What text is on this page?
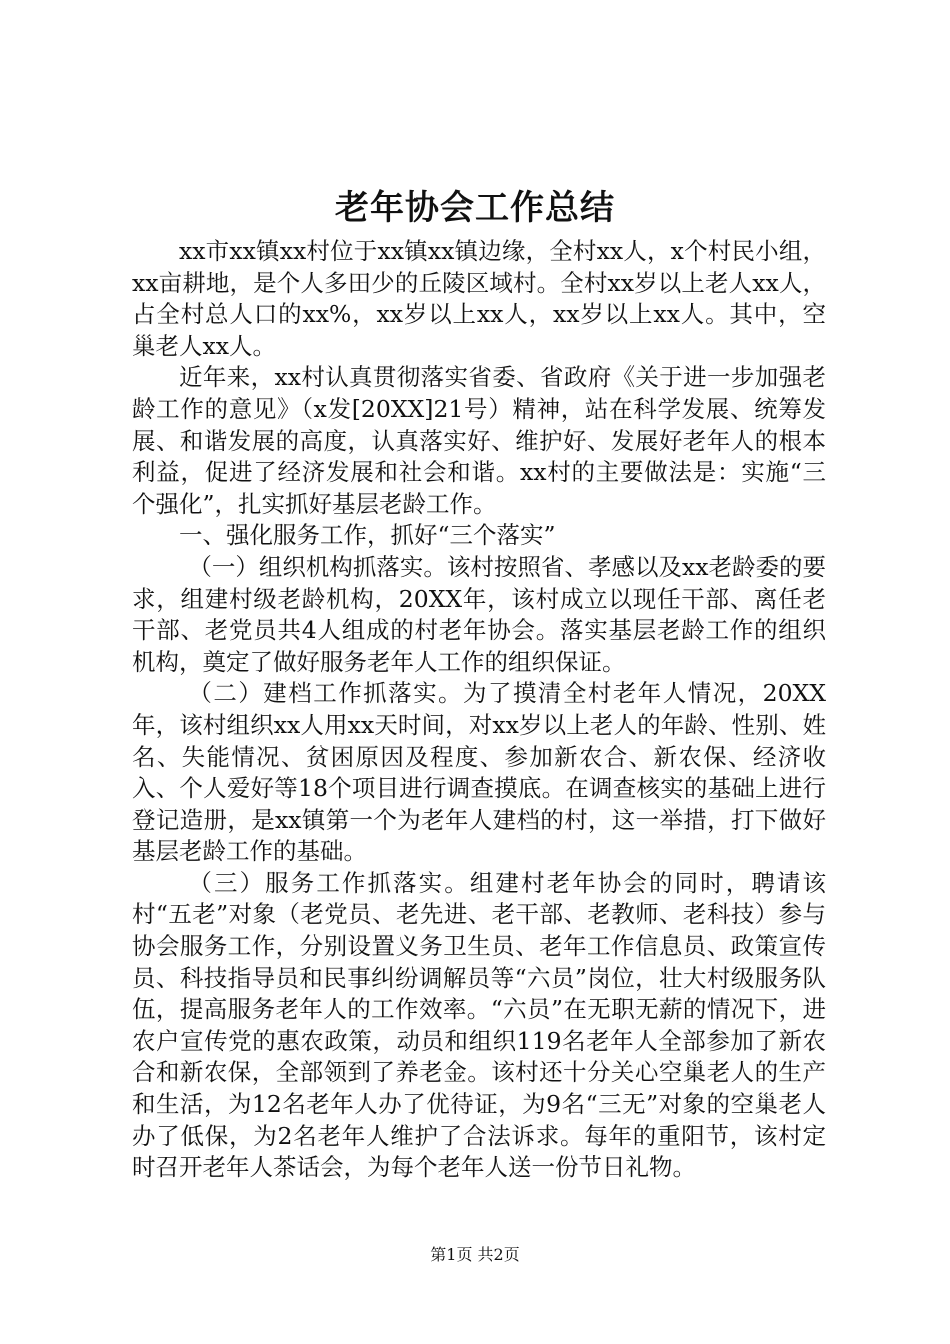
老年协会工作总结

xx市xx镇xx村位于xx镇xx镇边缘，全村xx人，x个村民小组，xx亩耕地，是个人多田少的丘陵区域村。全村xx岁以上老人xx人，占全村总人口的xx%，xx岁以上xx人，xx岁以上xx人。其中，空巢老人xx人。

近年来，xx村认真贯彻落实省委、省政府《关于进一步加强老龄工作的意见》（x发[20XX]21号）精神，站在科学发展、统筹发展、和谐发展的高度，认真落实好、维护好、发展好老年人的根本利益，促进了经济发展和社会和谐。xx村的主要做法是：实施“三个强化”，扎实抓好基层老龄工作。

一、强化服务工作，抓好“三个落实”

（一）组织机构抓落实。该村按照省、孝感以及xx老龄委的要求，组建村级老龄机构，20XX年，该村成立以现任干部、离任老干部、老党员共4人组成的村老年协会。落实基层老龄工作的组织机构，奠定了做好服务老年人工作的组织保证。

（二）建档工作抓落实。为了摸清全村老年人情况，20XX年，该村组织xx人用xx天时间，对xx岁以上老人的年龄、性别、姓名、失能情况、贫困原因及程度、参加新农合、新农保、经济收入、个人爱好等18个项目进行调查摸底。在调查核实的基础上进行登记造册，是xx镇第一个为老年人建档的村，这一举措，打下做好基层老龄工作的基础。

（三）服务工作抓落实。组建村老年协会的同时，聘请该村“五老”对象（老党员、老先进、老干部、老教师、老科技）参与协会服务工作，分别设置义务卫生员、老年工作信息员、政策宣传员、科技指导员和民事纠纷调解员等“六员”岗位，壮大村级服务队伍，提高服务老年人的工作效率。“六员”在无职无薪的情况下，进农户宣传党的惠农政策，动员和组织119名老年人全部参加了新农合和新农保，全部领到了养老金。该村还十分关心空巢老人的生产和生活，为12名老年人办了优待证，为9名“三无”对象的空巢老人办了低保，为2名老年人维护了合法诉求。每年的重阳节，该村定时召开老年人茶话会，为每个老年人送一份节日礼物。

第1页 共2页
